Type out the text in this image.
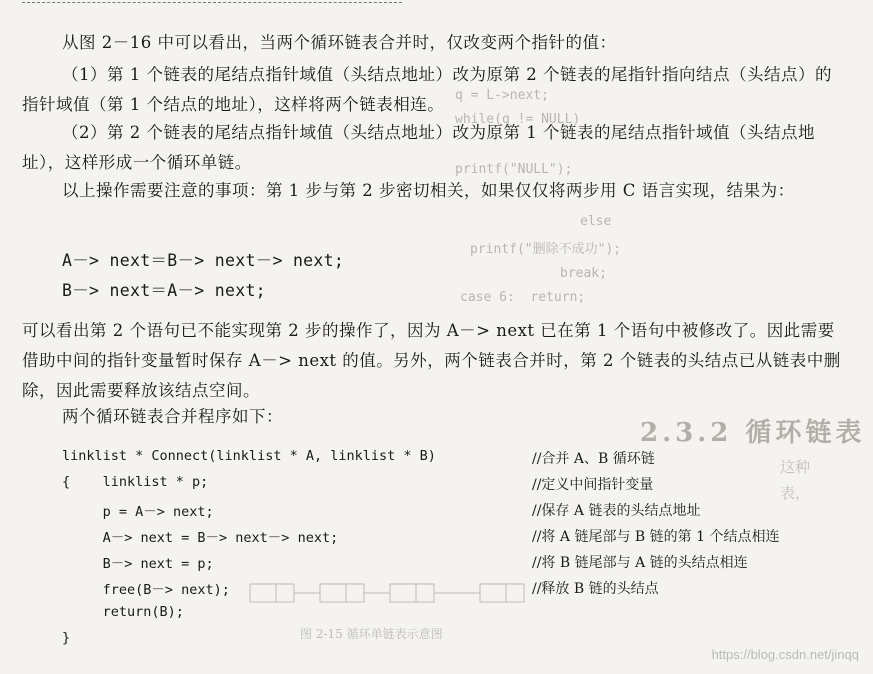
q = L->next;
while(q != NULL)
printf("NULL");
else
printf("删除不成功");
break;
case 6:  return;
2.3.2 循环链表
这种
表，
图 2-15 循环单链表示意图
从图 2－16 中可以看出，当两个循环链表合并时，仅改变两个指针的值：
（1）第 1 个链表的尾结点指针域值（头结点地址）改为原第 2 个链表的尾指针指向结点（头结点）的指针域值（第 1 个结点的地址），这样将两个链表相连。
（2）第 2 个链表的尾结点指针域值（头结点地址）改为原第 1 个链表的尾结点指针域值（头结点地址），这样形成一个循环单链。
以上操作需要注意的事项：第 1 步与第 2 步密切相关，如果仅仅将两步用 C 语言实现，结果为：
A－> next＝B－> next－> next;
B－> next＝A－> next;
可以看出第 2 个语句已不能实现第 2 步的操作了，因为 A－> next 已在第 1 个语句中被修改了。因此需要借助中间的指针变量暂时保存 A－> next 的值。另外，两个链表合并时，第 2 个链表的头结点已从链表中删除，因此需要释放该结点空间。
两个循环链表合并程序如下：
linklist * Connect(linklist * A, linklist * B)	//合并 A、B 循环链
{    linklist * p;	//定义中间指针变量
p = A－> next;	//保存 A 链表的头结点地址
A－> next = B－> next－> next;	//将 A 链尾部与 B 链的第 1 个结点相连
B－> next = p;	//将 B 链尾部与 A 链的头结点相连
free(B－> next);	//释放 B 链的头结点
return(B);
}
https://blog.csdn.net/jinqq
